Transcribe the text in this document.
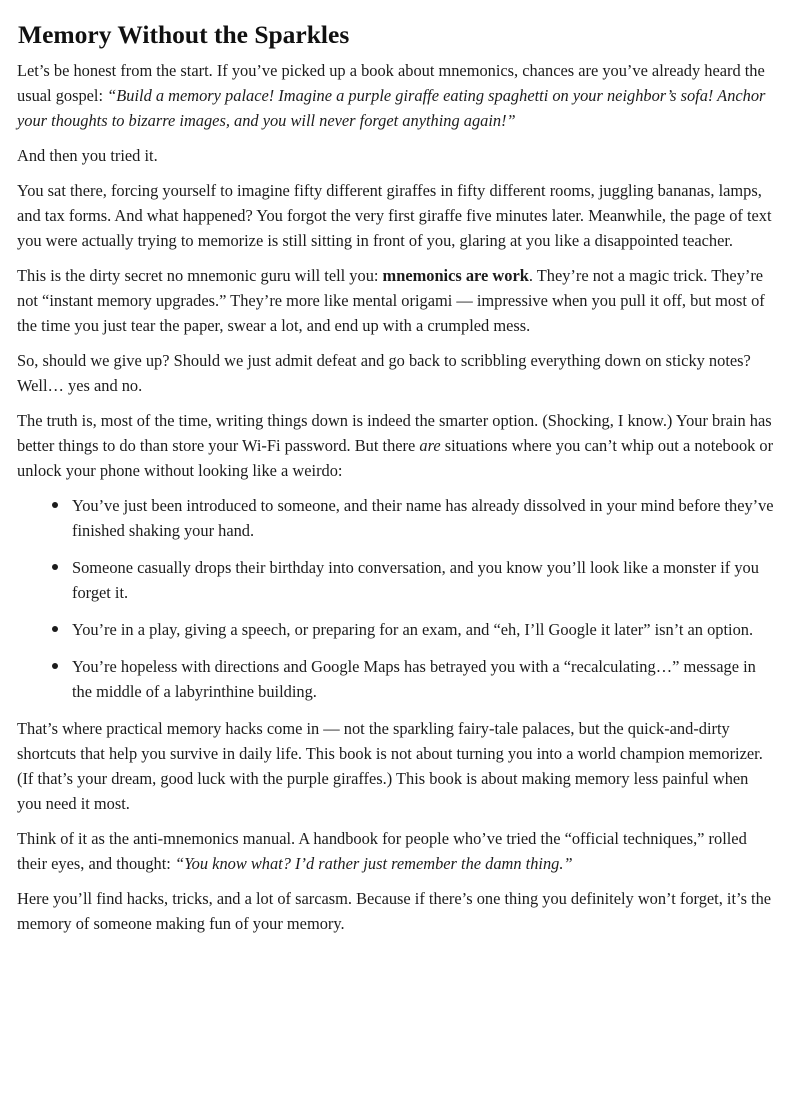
Memory Without the Sparkles

Let’s be honest from the start. If you’ve picked up a book about mnemonics, chances are you’ve already heard the usual gospel: “Build a memory palace! Imagine a purple giraffe eating spaghetti on your neighbor’s sofa! Anchor your thoughts to bizarre images, and you will never forget anything again!”

And then you tried it.

You sat there, forcing yourself to imagine fifty different giraffes in fifty different rooms, juggling bananas, lamps, and tax forms. And what happened? You forgot the very first giraffe five minutes later. Meanwhile, the page of text you were actually trying to memorize is still sitting in front of you, glaring at you like a disappointed teacher.

This is the dirty secret no mnemonic guru will tell you: mnemonics are work. They’re not a magic trick. They’re not “instant memory upgrades.” They’re more like mental origami — impressive when you pull it off, but most of the time you just tear the paper, swear a lot, and end up with a crumpled mess.

So, should we give up? Should we just admit defeat and go back to scribbling everything down on sticky notes?
Well… yes and no.

The truth is, most of the time, writing things down is indeed the smarter option. (Shocking, I know.) Your brain has better things to do than store your Wi-Fi password. But there are situations where you can’t whip out a notebook or unlock your phone without looking like a weirdo:

You’ve just been introduced to someone, and their name has already dissolved in your mind before they’ve finished shaking your hand.
Someone casually drops their birthday into conversation, and you know you’ll look like a monster if you forget it.
You’re in a play, giving a speech, or preparing for an exam, and “eh, I’ll Google it later” isn’t an option.
You’re hopeless with directions and Google Maps has betrayed you with a “recalculating…” message in the middle of a labyrinthine building.

That’s where practical memory hacks come in — not the sparkling fairy-tale palaces, but the quick-and-dirty shortcuts that help you survive in daily life. This book is not about turning you into a world champion memorizer. (If that’s your dream, good luck with the purple giraffes.) This book is about making memory less painful when you need it most.

Think of it as the anti-mnemonics manual. A handbook for people who’ve tried the “official techniques,” rolled their eyes, and thought: “You know what? I’d rather just remember the damn thing.”

Here you’ll find hacks, tricks, and a lot of sarcasm. Because if there’s one thing you definitely won’t forget, it’s the memory of someone making fun of your memory.
